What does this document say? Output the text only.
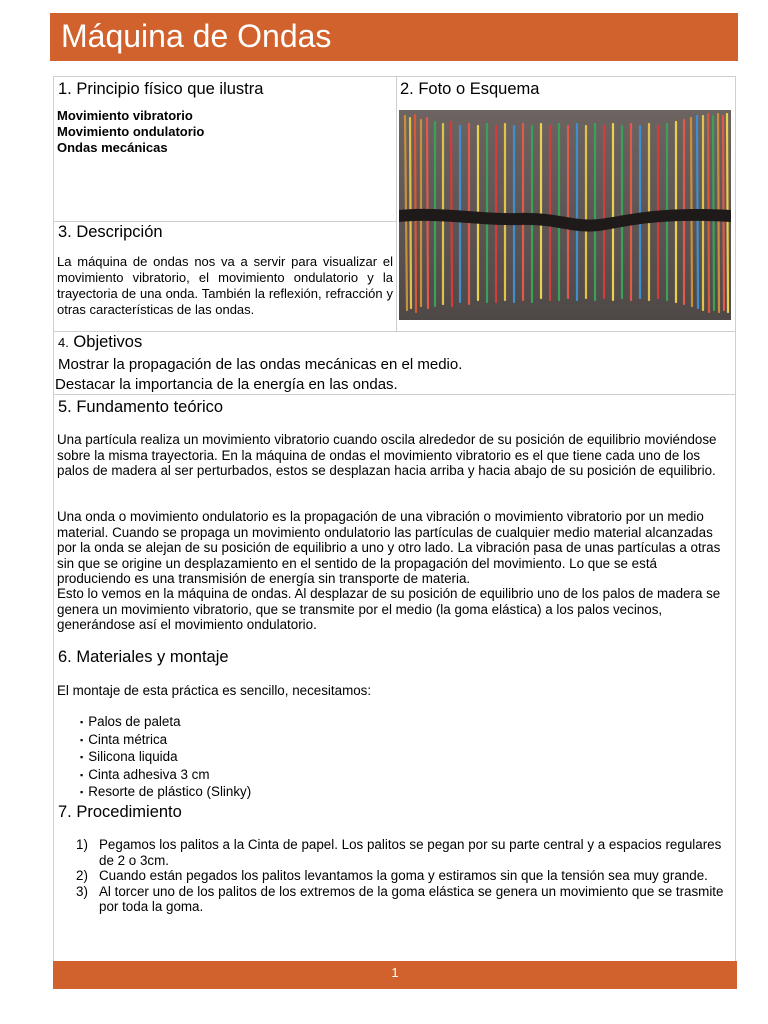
Máquina de Ondas
1. Principio físico que ilustra
Movimiento vibratorio
Movimiento ondulatorio
Ondas mecánicas
2. Foto o Esquema
3. Descripción
La máquina de ondas nos va a servir para visualizar el movimiento vibratorio, el movimiento ondulatorio y la trayectoria de una onda. También la reflexión, refracción y otras características de las ondas.
4. Objetivos
Mostrar la propagación de las ondas mecánicas en el medio.
Destacar la importancia de la energía en las ondas.
5. Fundamento teórico
Una partícula realiza un movimiento vibratorio cuando oscila alrededor de su posición de equilibrio moviéndose sobre la misma trayectoria. En la máquina de ondas el movimiento vibratorio es el que tiene cada uno de los palos de madera al ser perturbados, estos se desplazan hacia arriba y hacia abajo de su posición de equilibrio.
Una onda o movimiento ondulatorio es la propagación de una vibración o movimiento vibratorio por un medio material. Cuando se propaga un movimiento ondulatorio las partículas de cualquier medio material alcanzadas por la onda se alejan de su posición de equilibrio a uno y otro lado. La vibración pasa de unas partículas a otras sin que se origine un desplazamiento en el sentido de la propagación del movimiento. Lo que se está produciendo es una transmisión de energía sin transporte de materia.
Esto lo vemos en la máquina de ondas. Al desplazar de su posición de equilibrio uno de los palos de madera se genera un movimiento vibratorio, que se transmite por el medio (la goma elástica) a los palos vecinos, generándose así el movimiento ondulatorio.
6. Materiales y montaje
El montaje de esta práctica es sencillo, necesitamos:
▪ Palos de paleta
▪ Cinta métrica
▪ Silicona liquida
▪ Cinta adhesiva 3 cm
▪ Resorte de plástico (Slinky)
7. Procedimiento
1) Pegamos los palitos a la Cinta de papel. Los palitos se pegan por su parte central y a espacios regulares de 2 o 3cm.
2) Cuando están pegados los palitos levantamos la goma y estiramos sin que la tensión sea muy grande.
3) Al torcer uno de los palitos de los extremos de la goma elástica se genera un movimiento que se trasmite por toda la goma.
1
